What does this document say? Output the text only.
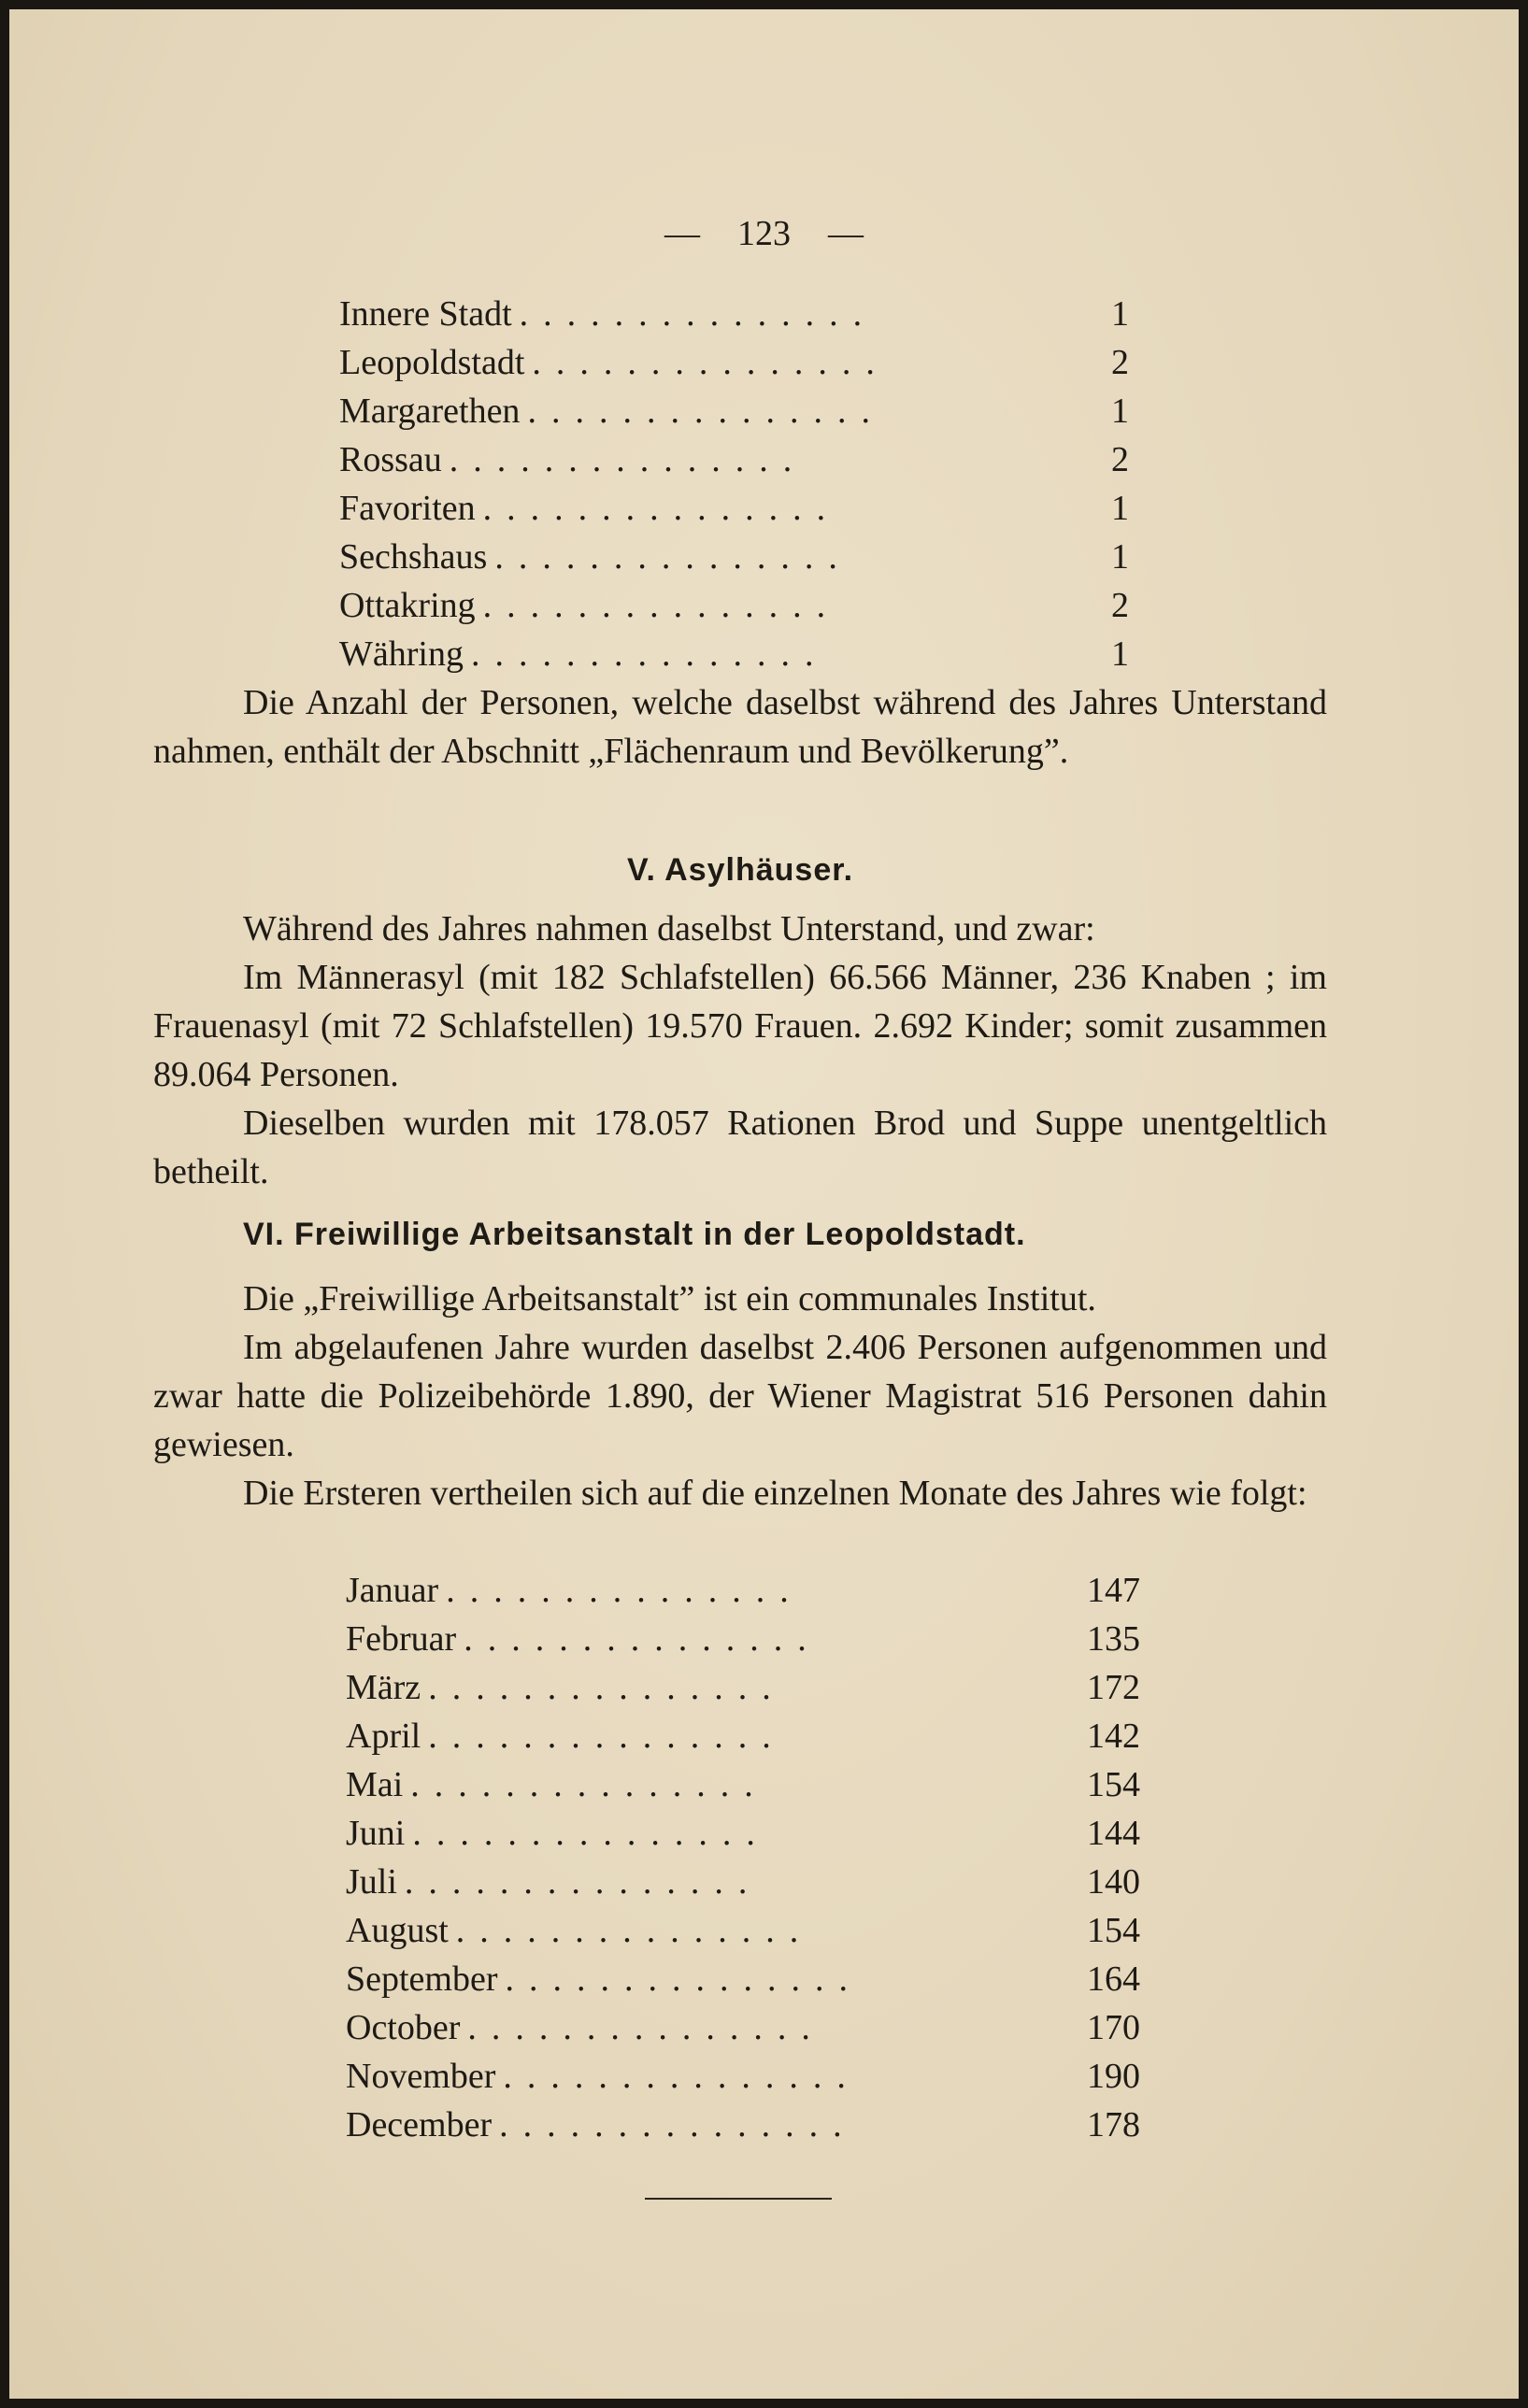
— 123 —
Innere Stadt ...............	1
Leopoldstadt ...............	2
Margarethen ...............	1
Rossau ...............	2
Favoriten ...............	1
Sechshaus ...............	1
Ottakring ...............	2
Währing ...............	1
Die Anzahl der Personen, welche daselbst während des Jahres Unterstand nahmen, enthält der Abschnitt „Flächenraum und Bevölkerung”.
V. Asylhäuser.
Während des Jahres nahmen daselbst Unterstand, und zwar:
Im Männerasyl (mit 182 Schlafstellen) 66.566 Männer, 236 Knaben ; im Frauenasyl (mit 72 Schlafstellen) 19.570 Frauen. 2.692 Kinder; somit zusammen 89.064 Personen.
Dieselben wurden mit 178.057 Rationen Brod und Suppe unentgeltlich betheilt.
VI. Freiwillige Arbeitsanstalt in der Leopoldstadt.
Die „Freiwillige Arbeitsanstalt” ist ein communales Institut.
Im abgelaufenen Jahre wurden daselbst 2.406 Personen aufgenommen und zwar hatte die Polizeibehörde 1.890, der Wiener Magistrat 516 Personen dahin gewiesen.
Die Ersteren vertheilen sich auf die einzelnen Monate des Jahres wie folgt:
Januar ...............	147
Februar ...............	135
März ...............	172
April ...............	142
Mai ...............	154
Juni ...............	144
Juli ...............	140
August ...............	154
September ...............	164
October ...............	170
November ...............	190
December ...............	178
